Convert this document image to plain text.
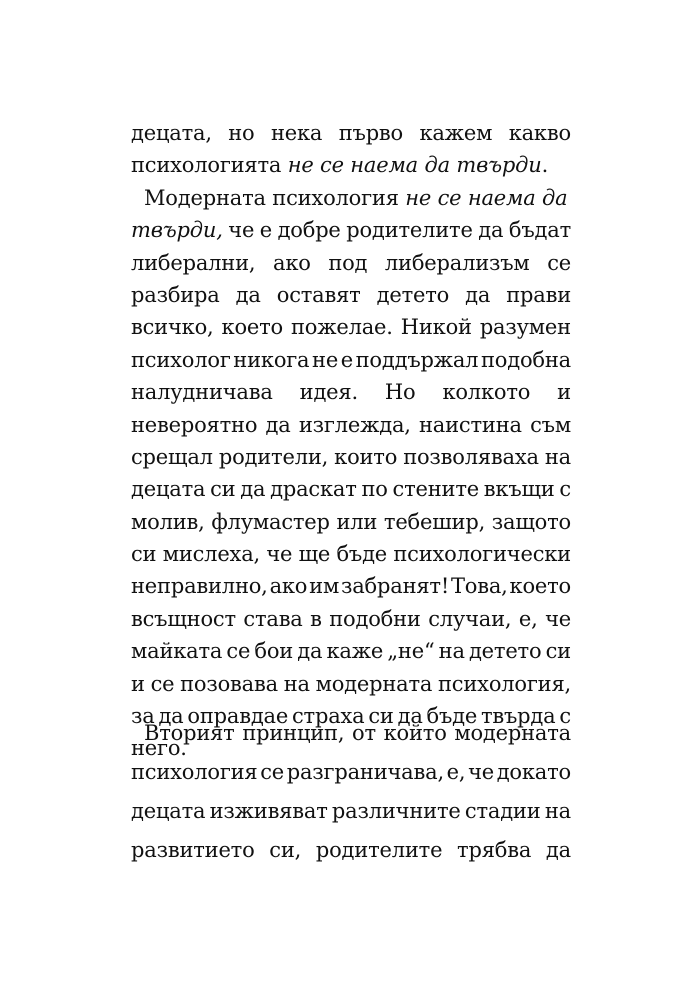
децата, но нека първо кажем какво
психологията не се наема да твърди.
Модерната психология не се наема да
твърди, че е добре родителите да бъдат
либерални, ако под либерализъм се
разбира да оставят детето да прави
всичко, което пожелае. Никой разумен
психолог никога не е поддържал подобна
налудничава идея. Но колкото и
невероятно да изглежда, наистина съм
срещал родители, които позволяваха на
децата си да драскат по стените вкъщи с
молив, флумастер или тебешир, защото
си мислеха, че ще бъде психологически
неправилно, ако им забранят! Това, което
всъщност става в подобни случаи, е, че
майката се бои да каже „не“ на детето си
и се позовава на модерната психология,
за да оправдае страха си да бъде твърда с
него.
Вторият принцип, от който модерната
психология се разграничава, е, че докато
децата изживяват различните стадии на
развитието си, родителите трябва да
